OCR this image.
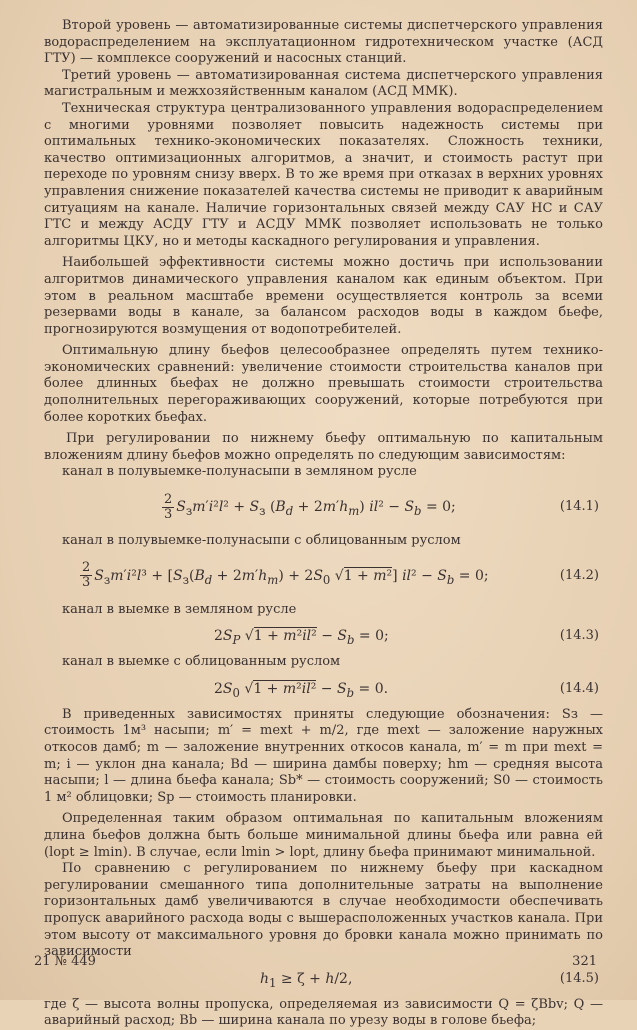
Второй уровень — автоматизированные системы диспетчерского управления водораспределением на эксплуатационном гидротехническом участке (АСД ГТУ) — комплексе сооружений и насосных станций.

Третий уровень — автоматизированная система диспетчерского управления магистральным и межхозяйственным каналом (АСД ММК).

Техническая структура централизованного управления водораспределением с многими уровнями позволяет повысить надежность системы при оптимальных технико-экономических показателях. Сложность техники, качество оптимизационных алгоритмов, а значит, и стоимость растут при переходе по уровням снизу вверх. В то же время при отказах в верхних уровнях управления снижение показателей качества системы не приводит к аварийным ситуациям на канале. Наличие горизонтальных связей между САУ НС и САУ ГТС и между АСДУ ГТУ и АСДУ ММК позволяет использовать не только алгоритмы ЦКУ, но и методы каскадного регулирования и управления.

Наибольшей эффективности системы можно достичь при использовании алгоритмов динамического управления каналом как единым объектом. При этом в реальном масштабе времени осуществляется контроль за всеми резервами воды в канале, за балансом расходов воды в каждом бьефе, прогнозируются возмущения от водопотребителей.

Оптимальную длину бьефов целесообразнее определять путем технико-экономических сравнений: увеличение стоимости строительства каналов при более длинных бьефах не должно превышать стоимости строительства дополнительных перегораживающих сооружений, которые потребуются при более коротких бьефах.

При регулировании по нижнему бьефу оптимальную по капитальным вложениям длину бьефов можно определять по следующим зависимостям:

канал в полувыемке-полунасыпи в земляном русле

$\frac{2}{3} S_зm'i^2l^2 + S_з$ $(B_d + 2m'h_m) il^2 - S_b = 0$;	(14.1)

канал в полувыемке-полунасыпи с облицованным руслом

$\frac{2}{3} S_зm'i^2l^3 + [S_з(B_d + 2m'h_m) + 2S_0$ √1 + m²] $il^2 - S_b = 0$;	(14.2)

канал в выемке в земляном русле

$2S_P$ $√1 + m^2il^2 - S_b = 0$;	(14.3)

канал в выемке с облицованным руслом

$2S_0$ $√1 + m^2il^2 - S_b = 0$.	(14.4)

В приведенных зависимостях приняты следующие обозначения: Sз — стоимость 1м³ насыпи; m′ = mext + m/2, где mext — заложение наружных откосов дамб; m — заложение внутренних откосов канала, m′ = m при mext = m; i — уклон дна канала; Bd — ширина дамбы поверху; hm — средняя высота насыпи; l — длина бьефа канала; Sb* — стоимость сооружений; S0 — стоимость 1 м² облицовки; Sp — стоимость планировки.

Определенная таким образом оптимальная по капитальным вложениям длина бьефов должна быть больше минимальной длины бьефа или равна ей (lopt ≥ lmin). В случае, если lmin > lopt, длину бьефа принимают минимальной.

По сравнению с регулированием по нижнему бьефу при каскадном регулировании смешанного типа дополнительные затраты на выполнение горизонтальных дамб увеличиваются в случае необходимости обеспечивать пропуск аварийного расхода воды с вышерасположенных участков канала. При этом высоту от максимального уровня до бровки канала можно принимать по зависимости

$h_1 \ge \zeta + h/2$,	(14.5)

где ζ — высота волны пропуска, определяемая из зависимости Q = ζBbv; Q — аварийный расход; Bb — ширина канала по урезу воды в голове бьефа;

21 № 449	321
